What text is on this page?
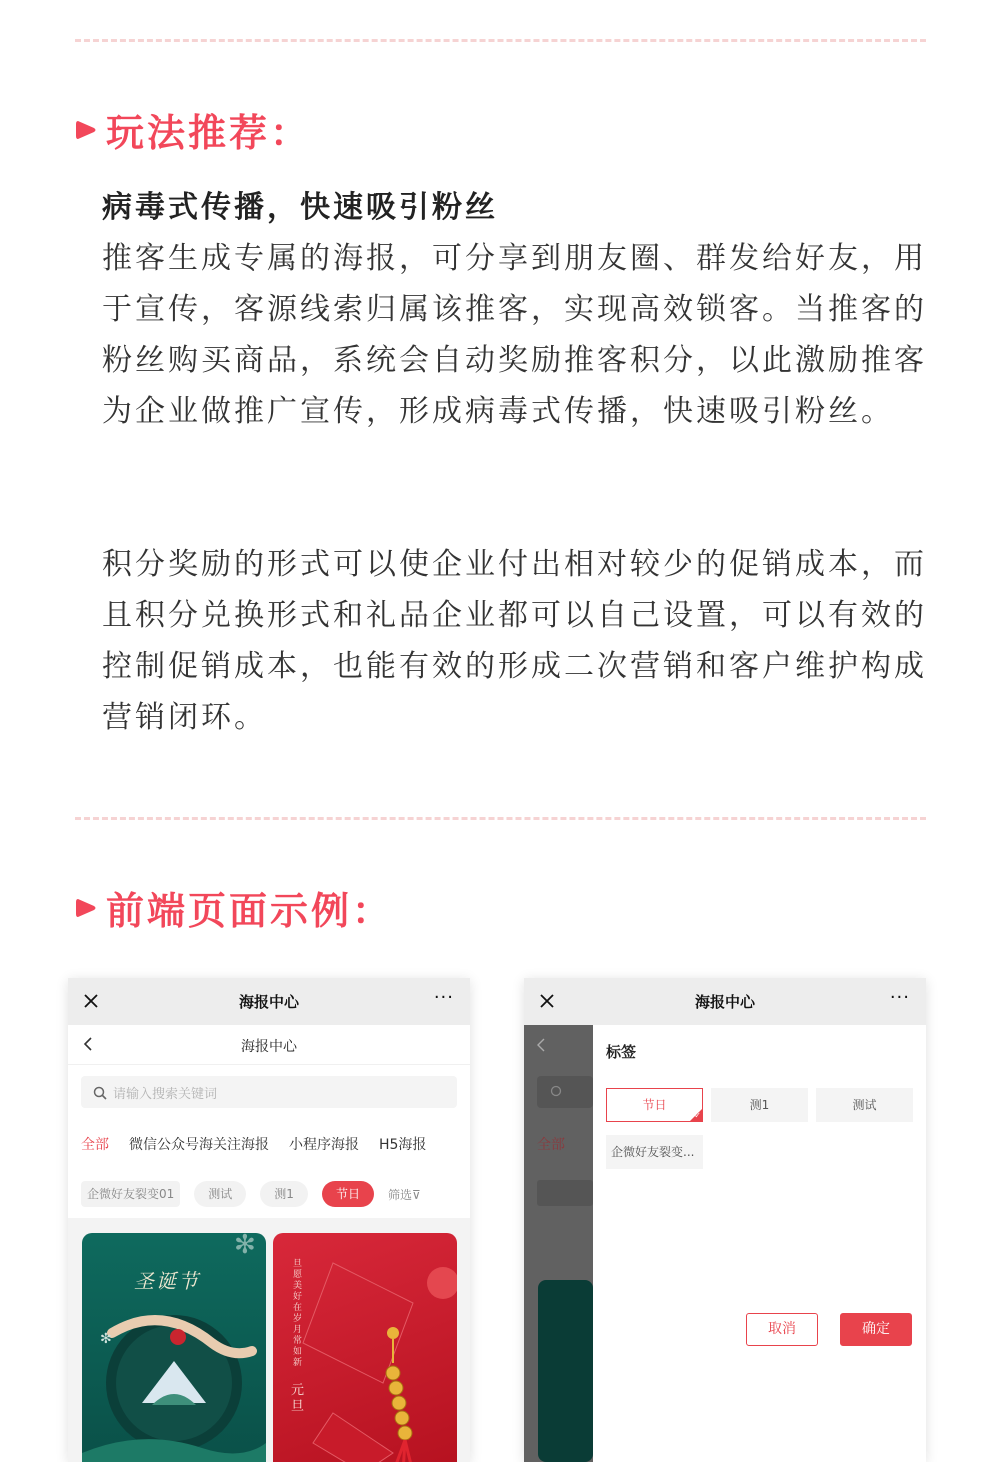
玩法推荐：
病毒式传播，快速吸引粉丝
推客生成专属的海报，可分享到朋友圈、群发给好友，用于宣传，客源线索归属该推客，实现高效锁客。当推客的粉丝购买商品，系统会自动奖励推客积分，以此激励推客为企业做推广宣传，形成病毒式传播，快速吸引粉丝。
积分奖励的形式可以使企业付出相对较少的促销成本，而且积分兑换形式和礼品企业都可以自己设置，可以有效的控制促销成本，也能有效的形成二次营销和客户维护构成营销闭环。
前端页面示例：
海报中心	···
海报中心
请输入搜索关键词
全部 微信公众号海关注海报 小程序海报 H5海报
企微好友裂变01	测试	测1	节日	筛选⊽
✻
✻
圣诞节
旦愿美好在 岁月常如新
元旦
海报中心	···
全部
标签
节日
✓
测1	测试
企微好友裂变...
取消	确定
